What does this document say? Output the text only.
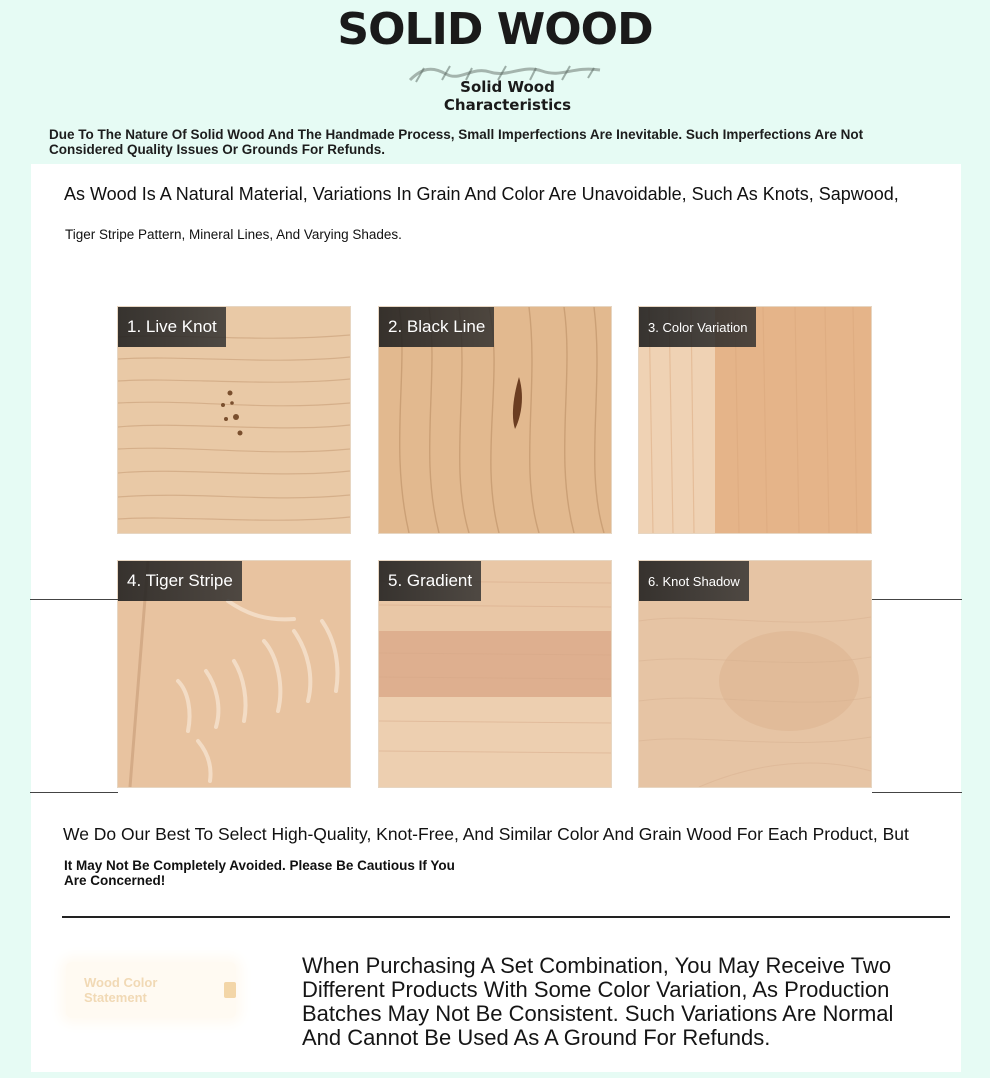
SOLID WOOD
Solid Wood Characteristics
Due To The Nature Of Solid Wood And The Handmade Process, Small Imperfections Are Inevitable. Such Imperfections Are Not Considered Quality Issues Or Grounds For Refunds.
As Wood Is A Natural Material, Variations In Grain And Color Are Unavoidable, Such As Knots, Sapwood,
Tiger Stripe Pattern, Mineral Lines, And Varying Shades.
1. Live Knot	2. Black Line	3. Color Variation
4. Tiger Stripe	5. Gradient	6. Knot Shadow
We Do Our Best To Select High-Quality, Knot-Free, And Similar Color And Grain Wood For Each Product, But
It May Not Be Completely Avoided. Please Be Cautious If You Are Concerned!
Wood Color Statement
When Purchasing A Set Combination, You May Receive Two Different Products With Some Color Variation, As Production Batches May Not Be Consistent. Such Variations Are Normal And Cannot Be Used As A Ground For Refunds.
